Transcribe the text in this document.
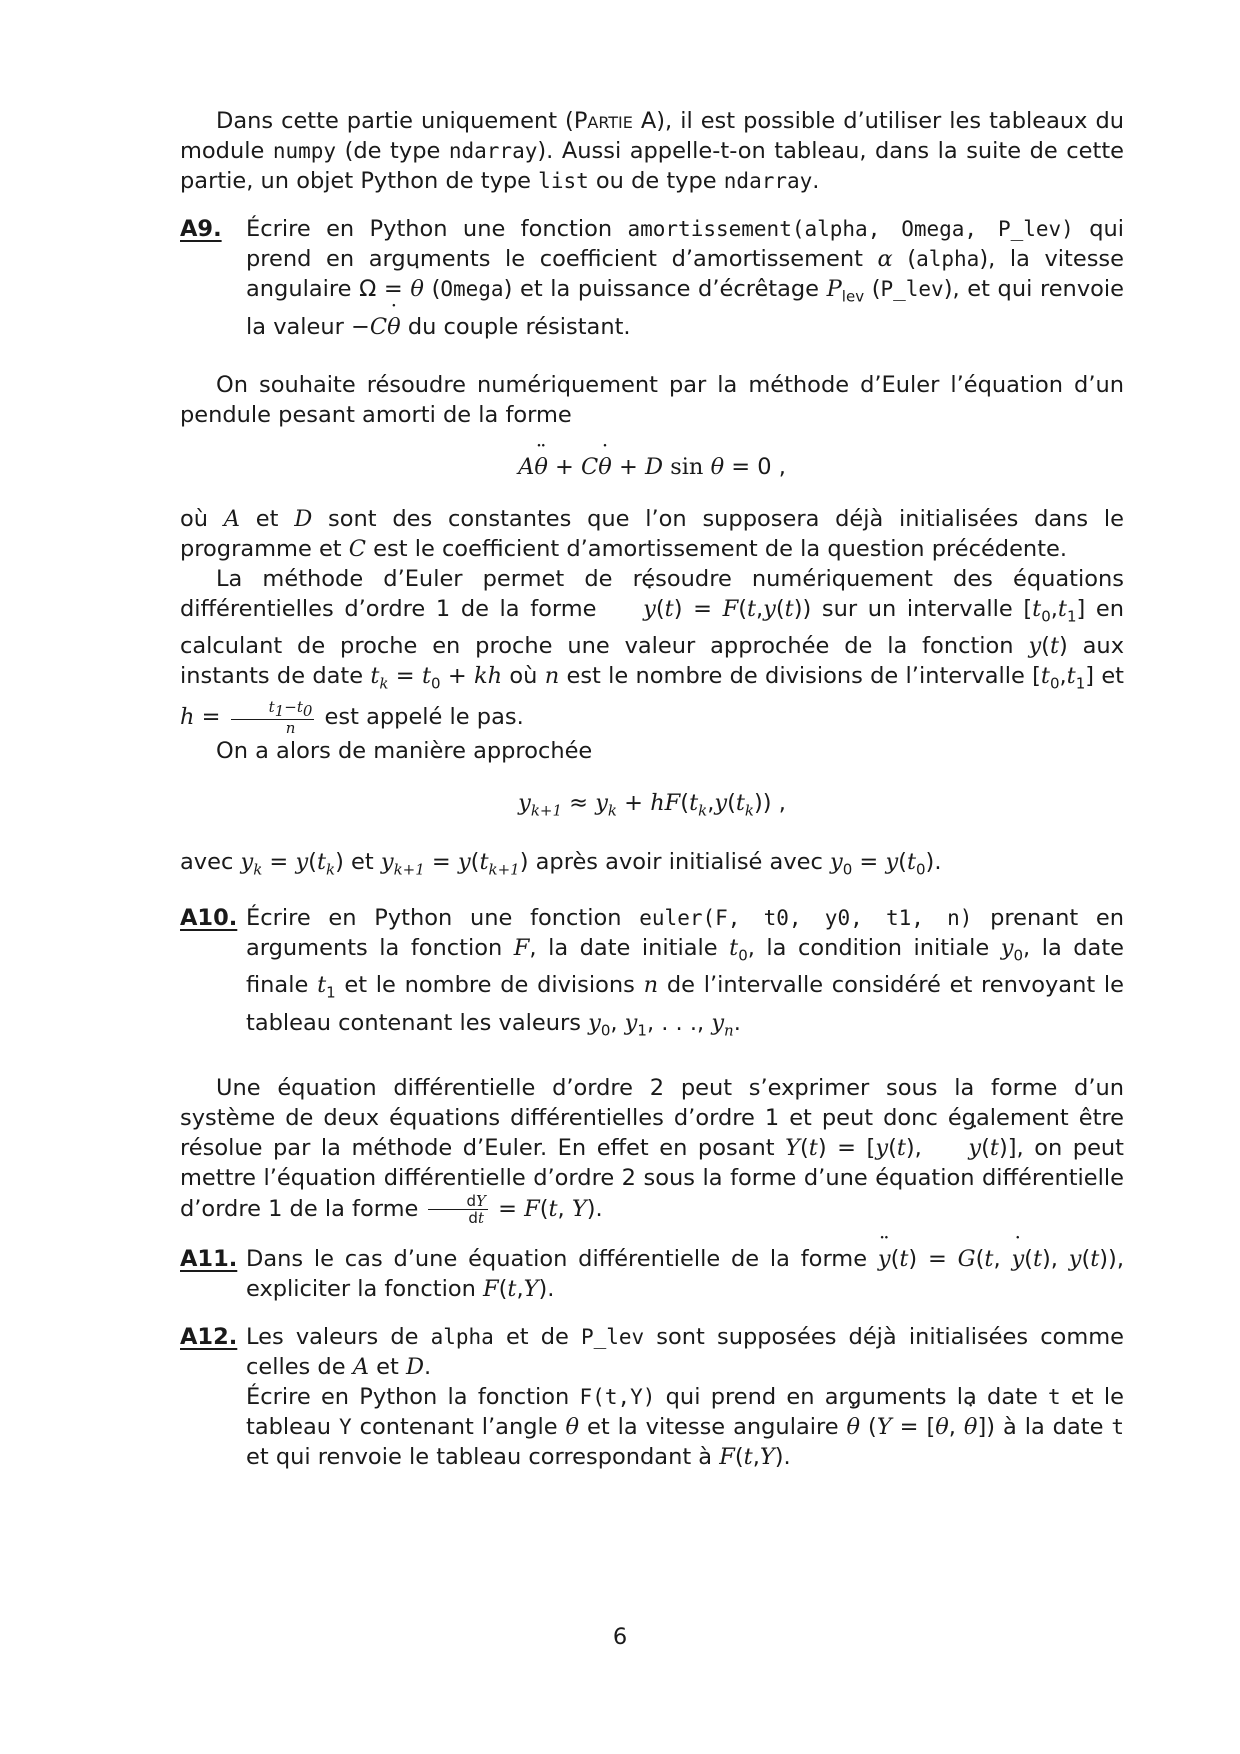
Dans cette partie uniquement (Partie A), il est possible d’utiliser les tableaux du module numpy (de type ndarray). Aussi appelle-t-on tableau, dans la suite de cette partie, un objet Python de type list ou de type ndarray.

A9.	Écrire en Python une fonction amortissement(alpha, Omega, P_lev) qui prend en arguments le coefficient d’amortissement α (alpha), la vitesse angulaire Ω = θ ˙ (Omega) et la puissance d’écrêtage $P_{lev}$ (P_lev), et qui renvoie la valeur −Cθ ˙ du couple résistant.

On souhaite résoudre numériquement par la méthode d’Euler l’équation d’un pendule pesant amorti de la forme

Aθ ¨ + Cθ ˙ + D sin θ = 0 ,

où A et D sont des constantes que l’on supposera déjà initialisées dans le programme et C est le coefficient d’amortissement de la question précédente.

La méthode d’Euler permet de résoudre numériquement des équations différentielles d’ordre 1 de la forme y ˙(t) = F(t,y(t)) sur un intervalle $[t_0,t_1]$ en calculant de proche en proche une valeur approchée de la fonction y(t) aux instants de date $t_k = t_0$ + kh où n est le nombre de divisions de l’intervalle $[t_0,t_1]$ et $h = \frac{t_1-t_0}{n}$ est appelé le pas.

On a alors de manière approchée

$y_{k+1} \approx y_k + hF(t_k,y(t_k))$ ,

avec $y_k = y(t_k)$ et $y_{k+1} = y(t_{k+1})$ après avoir initialisé avec $y_0 = y(t_0)$.

A10. Écrire en Python une fonction euler(F, t0, y0, t1, n) prenant en arguments la fonction F, la date initiale $t_0$, la condition initiale $y_0$, la date finale $t_1$ et le nombre de divisions n de l’intervalle considéré et renvoyant le tableau contenant les valeurs $y_0$, $y_1$, . . ., $y_n$.

Une équation différentielle d’ordre 2 peut s’exprimer sous la forme d’un système de deux équations différentielles d’ordre 1 et peut donc également être résolue par la méthode d’Euler. En effet en posant Y(t) = [y(t), y ˙(t)], on peut mettre l’équation différentielle d’ordre 2 sous la forme d’une équation différentielle d’ordre 1 de la forme $\frac{dY}{dt} = F(t$, Y).

A11. Dans le cas d’une équation différentielle de la forme y ¨(t) = G(t, y ˙(t), y(t)), expliciter la fonction F(t,Y).

A12. Les valeurs de alpha et de P_lev sont supposées déjà initialisées comme celles de A et D.

Écrire en Python la fonction F(t,Y) qui prend en arguments la date t et le tableau Y contenant l’angle θ et la vitesse angulaire θ ˙ (Y = [θ, θ ˙]) à la date t et qui renvoie le tableau correspondant à F(t,Y).

6
